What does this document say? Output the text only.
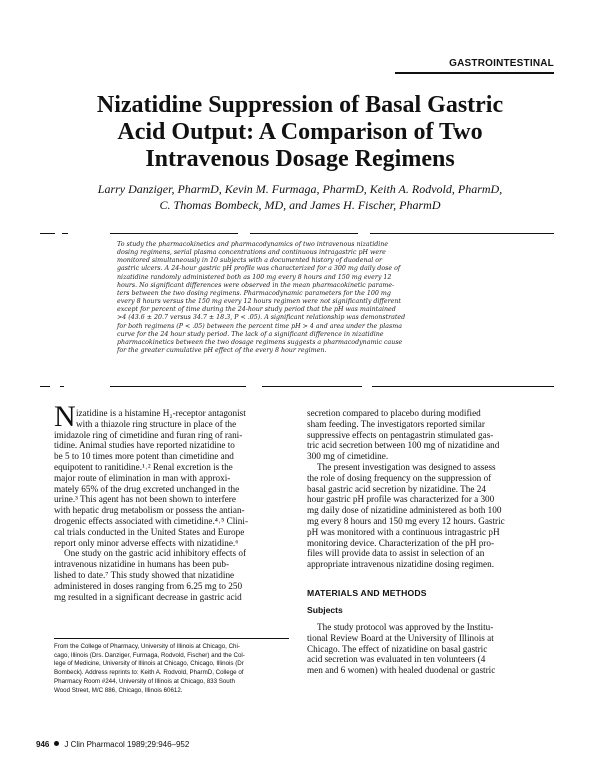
GASTROINTESTINAL
Nizatidine Suppression of Basal Gastric
Acid Output: A Comparison of Two
Intravenous Dosage Regimens
Larry Danziger, PharmD, Kevin M. Furmaga, PharmD, Keith A. Rodvold, PharmD,
C. Thomas Bombeck, MD, and James H. Fischer, PharmD
To study the pharmacokinetics and pharmacodynamics of two intravenous nizatidine
dosing regimens, serial plasma concentrations and continuous intragastric pH were
monitored simultaneously in 10 subjects with a documented history of duodenal or
gastric ulcers. A 24-hour gastric pH profile was characterized for a 300 mg daily dose of
nizatidine randomly administered both as 100 mg every 8 hours and 150 mg every 12
hours. No significant differences were observed in the mean pharmacokinetic parame-
ters between the two dosing regimens. Pharmacodynamic parameters for the 100 mg
every 8 hours versus the 150 mg every 12 hours regimen were not significantly different
except for percent of time during the 24-hour study period that the pH was maintained
>4 (43.6 ± 20.7 versus 34.7 ± 18.3, P < .05). A significant relationship was demonstrated
for both regimens (P < .05) between the percent time pH > 4 and area under the plasma
curve for the 24 hour study period. The lack of a significant difference in nizatidine
pharmacokinetics between the two dosage regimens suggests a pharmacodynamic cause
for the greater cumulative pH effect of the every 8 hour regimen.
N izatidine is a histamine H₂-receptor antagonist
with a thiazole ring structure in place of the
imidazole ring of cimetidine and furan ring of rani-
tidine. Animal studies have reported nizatidine to
be 5 to 10 times more potent than cimetidine and
equipotent to ranitidine.¹˒² Renal excretion is the
major route of elimination in man with approxi-
mately 65% of the drug excreted unchanged in the
urine.³ This agent has not been shown to interfere
with hepatic drug metabolism or possess the antian-
drogenic effects associated with cimetidine.⁴˒⁵ Clini-
cal trials conducted in the United States and Europe
report only minor adverse effects with nizatidine.⁶
One study on the gastric acid inhibitory effects of
intravenous nizatidine in humans has been pub-
lished to date.⁷ This study showed that nizatidine
administered in doses ranging from 6.25 mg to 250
mg resulted in a significant decrease in gastric acid
From the College of Pharmacy, University of Illinois at Chicago, Chi-
cago, Illinois (Drs. Danziger, Furmaga, Rodvold, Fischer) and the Col-
lege of Medicine, University of Illinois at Chicago, Chicago, Illinois (Dr
Bombeck). Address reprints to: Keith A. Rodvold, PharmD, College of
Pharmacy Room #244, University of Illinois at Chicago, 833 South
Wood Street, M/C 886, Chicago, Illinois 60612.
secretion compared to placebo during modified
sham feeding. The investigators reported similar
suppressive effects on pentagastrin stimulated gas-
tric acid secretion between 100 mg of nizatidine and
300 mg of cimetidine.
The present investigation was designed to assess
the role of dosing frequency on the suppression of
basal gastric acid secretion by nizatidine. The 24
hour gastric pH profile was characterized for a 300
mg daily dose of nizatidine administered as both 100
mg every 8 hours and 150 mg every 12 hours. Gastric
pH was monitored with a continuous intragastric pH
monitoring device. Characterization of the pH pro-
files will provide data to assist in selection of an
appropriate intravenous nizatidine dosing regimen.
MATERIALS AND METHODS
Subjects
The study protocol was approved by the Institu-
tional Review Board at the University of Illinois at
Chicago. The effect of nizatidine on basal gastric
acid secretion was evaluated in ten volunteers (4
men and 6 women) with healed duodenal or gastric
946 J Clin Pharmacol 1989;29:946–952
